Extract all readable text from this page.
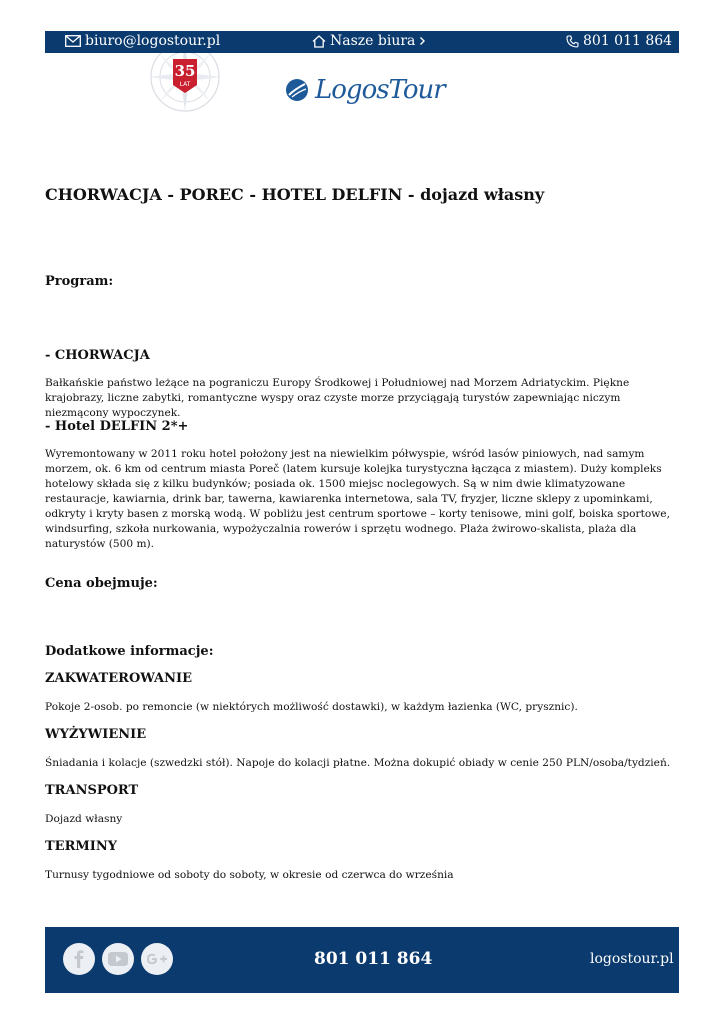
biuro@logostour.pl	Nasze biura	801 011 864
35
LAT	LogosTour
CHORWACJA - POREC - HOTEL DELFIN - dojazd własny
Program:
- CHORWACJA

Bałkańskie państwo leżące na pograniczu Europy Środkowej i Południowej nad Morzem Adriatyckim. Piękne krajobrazy, liczne zabytki, romantyczne wyspy oraz czyste morze przyciągają turystów zapewniając niczym niezmącony wypoczynek.

- Hotel DELFIN 2*+

Wyremontowany w 2011 roku hotel położony jest na niewielkim półwyspie, wśród lasów piniowych, nad samym morzem, ok. 6 km od centrum miasta Poreč (latem kursuje kolejka turystyczna łącząca z miastem). Duży kompleks hotelowy składa się z kilku budynków; posiada ok. 1500 miejsc noclegowych. Są w nim dwie klimatyzowane restauracje, kawiarnia, drink bar, tawerna, kawiarenka internetowa, sala TV, fryzjer, liczne sklepy z upominkami, odkryty i kryty basen z morską wodą. W pobliżu jest centrum sportowe – korty tenisowe, mini golf, boiska sportowe, windsurfing, szkoła nurkowania, wypożyczalnia rowerów i sprzętu wodnego. Plaża żwirowo-skalista, plaża dla naturystów (500 m).

Cena obejmuje:
Dodatkowe informacje:
ZAKWATEROWANIE

Pokoje 2-osob. po remoncie (w niektórych możliwość dostawki), w każdym łazienka (WC, prysznic).

WYŻYWIENIE

Śniadania i kolacje (szwedzki stół). Napoje do kolacji płatne. Można dokupić obiady w cenie 250 PLN/osoba/tydzień.

TRANSPORT

Dojazd własny

TERMINY

Turnusy tygodniowe od soboty do soboty, w okresie od czerwca do września

801 011 864	logostour.pl
